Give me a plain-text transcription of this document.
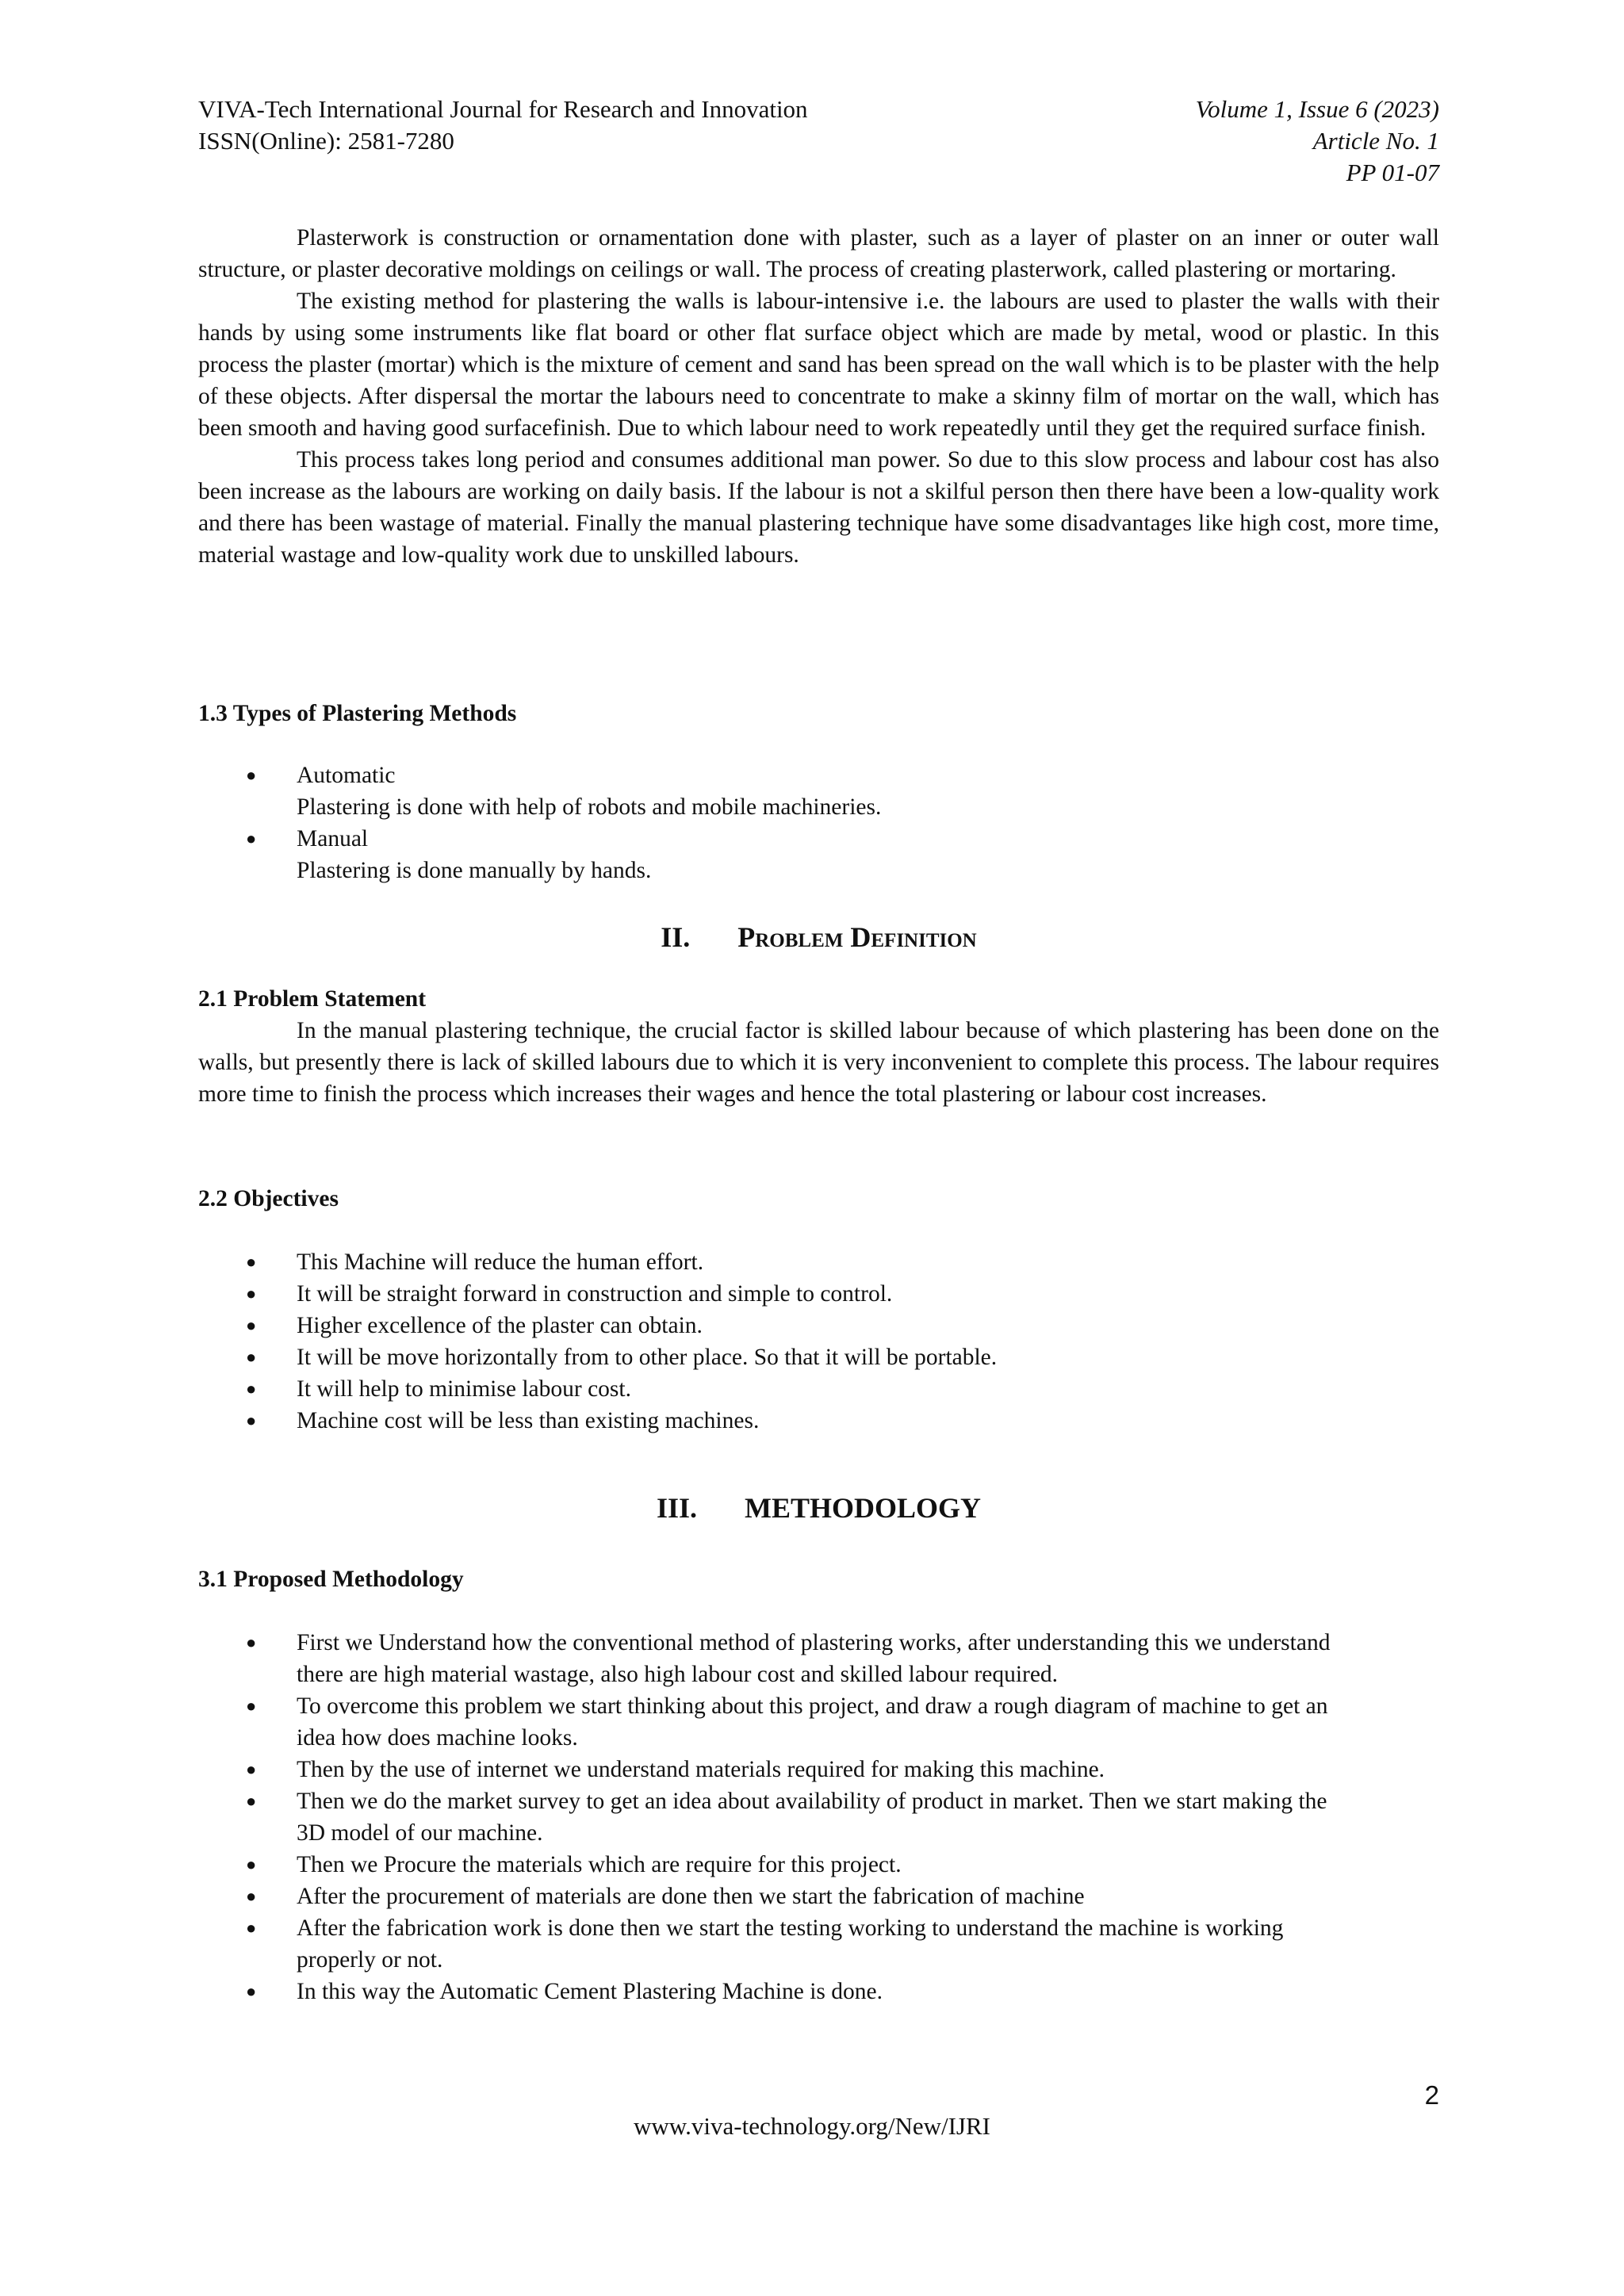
VIVA-Tech International Journal for Research and Innovation
ISSN(Online): 2581-7280
Volume 1, Issue 6 (2023)
Article No. 1
PP 01-07

Plasterwork is construction or ornamentation done with plaster, such as a layer of plaster on an inner or outer wall structure, or plaster decorative moldings on ceilings or wall. The process of creating plasterwork, called plastering or mortaring.

The existing method for plastering the walls is labour-intensive i.e. the labours are used to plaster the walls with their hands by using some instruments like flat board or other flat surface object which are made by metal, wood or plastic. In this process the plaster (mortar) which is the mixture of cement and sand has been spread on the wall which is to be plaster with the help of these objects. After dispersal the mortar the labours need to concentrate to make a skinny film of mortar on the wall, which has been smooth and having good surfacefinish. Due to which labour need to work repeatedly until they get the required surface finish.

This process takes long period and consumes additional man power. So due to this slow process and labour cost has also been increase as the labours are working on daily basis. If the labour is not a skilful person then there have been a low-quality work and there has been wastage of material. Finally the manual plastering technique have some disadvantages like high cost, more time, material wastage and low-quality work due to unskilled labours.

1.3 Types of Plastering Methods
● Automatic
Plastering is done with help of robots and mobile machineries.
● Manual
Plastering is done manually by hands.
II. Problem Definition
2.1 Problem Statement

In the manual plastering technique, the crucial factor is skilled labour because of which plastering has been done on the walls, but presently there is lack of skilled labours due to which it is very inconvenient to complete this process. The labour requires more time to finish the process which increases their wages and hence the total plastering or labour cost increases.

2.2 Objectives
● This Machine will reduce the human effort.
● It will be straight forward in construction and simple to control.
● Higher excellence of the plaster can obtain.
● It will be move horizontally from to other place. So that it will be portable.
● It will help to minimise labour cost.
● Machine cost will be less than existing machines.
III. METHODOLOGY
3.1 Proposed Methodology
● First we Understand how the conventional method of plastering works, after understanding this we understand there are high material wastage, also high labour cost and skilled labour required.
● To overcome this problem we start thinking about this project, and draw a rough diagram of machine to get an idea how does machine looks.
● Then by the use of internet we understand materials required for making this machine.
● Then we do the market survey to get an idea about availability of product in market. Then we start making the 3D model of our machine.
● Then we Procure the materials which are require for this project.
● After the procurement of materials are done then we start the fabrication of machine
● After the fabrication work is done then we start the testing working to understand the machine is working properly or not.
● In this way the Automatic Cement Plastering Machine is done.
2
www.viva-technology.org/New/IJRI
